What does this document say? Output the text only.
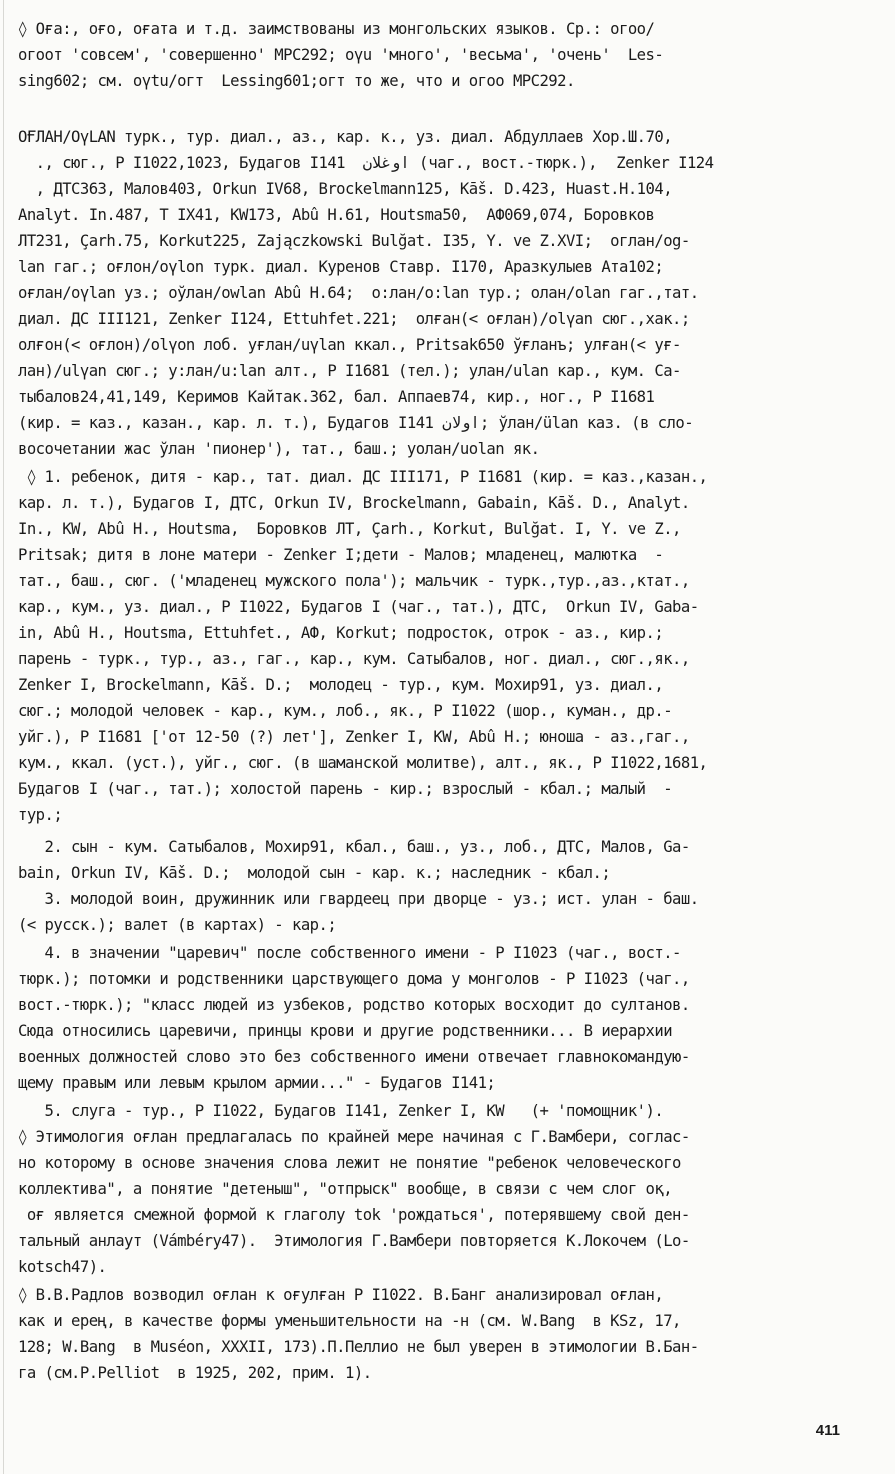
◊ Оға:, оғо, оғата и т.д. заимствованы из монгольских языков. Ср.: огоо/
огоот 'совсем', 'совершенно' МРС292; оүu 'много', 'весьма', 'очень'  Les-
sing602; см. оүtu/огт  Lessing601;огт то же, что и огоо МРС292.
ОҒЛАН/ОүLAN турк., тур. диал., аз., кар. к., уз. диал. Абдуллаев Хор.Ш.70,
., сюг., Р I1022,1023, Будагов I141  اوغلان (чаг., вост.-тюрк.),  Zenker I124
, ДТС363, Малов403, Orkun IV68, Brockelmann125, Kāš. D.423, Huast.H.104,
Analyt. In.487, Т IX41, KW173, Abû H.61, Houtsma50,  АФ069,074, Боровков
ЛТ231, Çarh.75, Korkut225, Zajączkowski Bulğat. I35, Y. ve Z.XVI;  оглан/og-
lan гаг.; оғлон/оүlon турк. диал. Куренов Ставр. I170, Аразкулыев Ата102;
оғлан/оүlan уз.; оўлан/owlan Abû H.64;  о:лан/о:lan тур.; олан/olan гаг.,тат.
диал. ДС III121, Zenker I124, Ettuhfet.221;  олған(< оғлан)/olүan сюг.,хак.;
олғон(< оғлон)/olүon лоб. уғлан/uүlan ккал., Pritsak650 ўғланъ; улған(< уғ-
лан)/ulүan сюг.; у:лан/u:lan алт., Р I1681 (тел.); улан/ulan кар., кум. Са-
тыбалов24,41,149, Керимов Кайтак.362, бал. Аппаев74, кир., ног., Р I1681
(кир. = каз., казан., кар. л. т.), Будагов I141 اولان; ўлан/ülan каз. (в сло-
восочетании жас ўлан 'пионер'), тат., баш.; уолан/uolan як.
◊ 1. ребенок, дитя - кар., тат. диал. ДС III171, Р I1681 (кир. = каз.,казан.,
кар. л. т.), Будагов I, ДТС, Orkun IV, Brockelmann, Gabain, Kāš. D., Analyt.
In., KW, Abû H., Houtsma,  Боровков ЛТ, Çarh., Korkut, Bulğat. I, Y. ve Z.,
Pritsak; дитя в лоне матери - Zenker I;дети - Малов; младенец, малютка  -
тат., баш., сюг. ('младенец мужского пола'); мальчик - турк.,тур.,аз.,ктат.,
кар., кум., уз. диал., Р I1022, Будагов I (чаг., тат.), ДТС,  Orkun IV, Gaba-
in, Abû H., Houtsma, Ettuhfet., АФ, Korkut; подросток, отрок - аз., кир.;
парень - турк., тур., аз., гаг., кар., кум. Сатыбалов, ног. диал., сюг.,як.,
Zenker I, Brockelmann, Kāš. D.;  молодец - тур., кум. Мохир91, уз. диал.,
сюг.; молодой человек - кар., кум., лоб., як., Р I1022 (шор., куман., др.-
уйг.), Р I1681 ['от 12-50 (?) лет'], Zenker I, KW, Abû H.; юноша - аз.,гаг.,
кум., ккал. (уст.), уйг., сюг. (в шаманской молитве), алт., як., Р I1022,1681,
Будагов I (чаг., тат.); холостой парень - кир.; взрослый - кбал.; малый  -
тур.;
2. сын - кум. Сатыбалов, Мохир91, кбал., баш., уз., лоб., ДТС, Малов, Ga-
bain, Orkun IV, Kāš. D.;  молодой сын - кар. к.; наследник - кбал.;
3. молодой воин, дружинник или гвардеец при дворце - уз.; ист. улан - баш.
(< русск.); валет (в картах) - кар.;
4. в значении "царевич" после собственного имени - Р I1023 (чаг., вост.-
тюрк.); потомки и родственники царствующего дома у монголов - Р I1023 (чаг.,
вост.-тюрк.); "класс людей из узбеков, родство которых восходит до султанов.
Сюда относились царевичи, принцы крови и другие родственники... В иерархии
военных должностей слово это без собственного имени отвечает главнокомандую-
щему правым или левым крылом армии..." - Будагов I141;
5. слуга - тур., Р I1022, Будагов I141, Zenker I, KW   (+ 'помощник').
◊ Этимология оғлан предлагалась по крайней мере начиная с Г.Вамбери, соглас-
но которому в основе значения слова лежит не понятие "ребенок человеческого
коллектива", а понятие "детеныш", "отпрыск" вообще, в связи с чем слог оқ,
оғ является смежной формой к глаголу tok 'рождаться', потерявшему свой ден-
тальный анлаут (Vámbéry47).  Этимология Г.Вамбери повторяется К.Локочем (Lo-
kotsch47).
◊ В.В.Радлов возводил оғлан к оғулған Р I1022. В.Банг анализировал оғлан,
как и ерең, в качестве формы уменьшительности на -н (см. W.Bang  в KSz, 17,
128; W.Bang  в Muséon, XXXII, 173).П.Пеллио не был уверен в этимологии В.Бан-
га (см.P.Pelliot  в 1925, 202, прим. 1).
411
